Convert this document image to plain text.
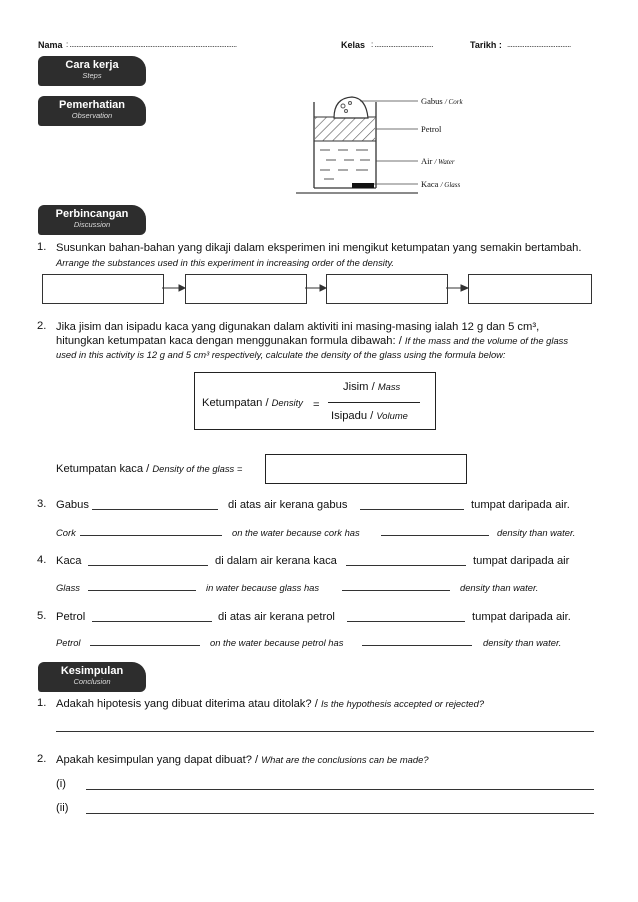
Nama : .................................................................................................	Kelas : ..................................	Tarikh : .....................................
Cara kerja
Steps
Pemerhatian
Observation
Perbincangan
Discussion
Kesimpulan
Conclusion
Gabus / Cork
Petrol
Air / Water
Kaca / Glass
1. Susunkan bahan-bahan yang dikaji dalam eksperimen ini mengikut ketumpatan yang semakin bertambah.
Arrange the substances used in this experiment in increasing order of the density.
2. Jika jisim dan isipadu kaca yang digunakan dalam aktiviti ini masing-masing ialah 12 g dan 5 cm³,
hitungkan ketumpatan kaca dengan menggunakan formula dibawah: / If the mass and the volume of the glass
used in this activity is 12 g and 5 cm³ respectively, calculate the density of the glass using the formula below:
Ketumpatan / Density =
Jisim / Mass
Isipadu / Volume
Ketumpatan kaca / Density of the glass =
3. Gabus	di atas air kerana gabus	tumpat daripada air.
Cork	on the water because cork has	density than water.
4. Kaca	di dalam air kerana kaca	tumpat daripada air
Glass	in water because glass has	density than water.
5. Petrol	di atas air kerana petrol	tumpat daripada air.
Petrol	on the water because petrol has	density than water.
1. Adakah hipotesis yang dibuat diterima atau ditolak? / Is the hypothesis accepted or rejected?
2. Apakah kesimpulan yang dapat dibuat? / What are the conclusions can be made?
(i)
(ii)
